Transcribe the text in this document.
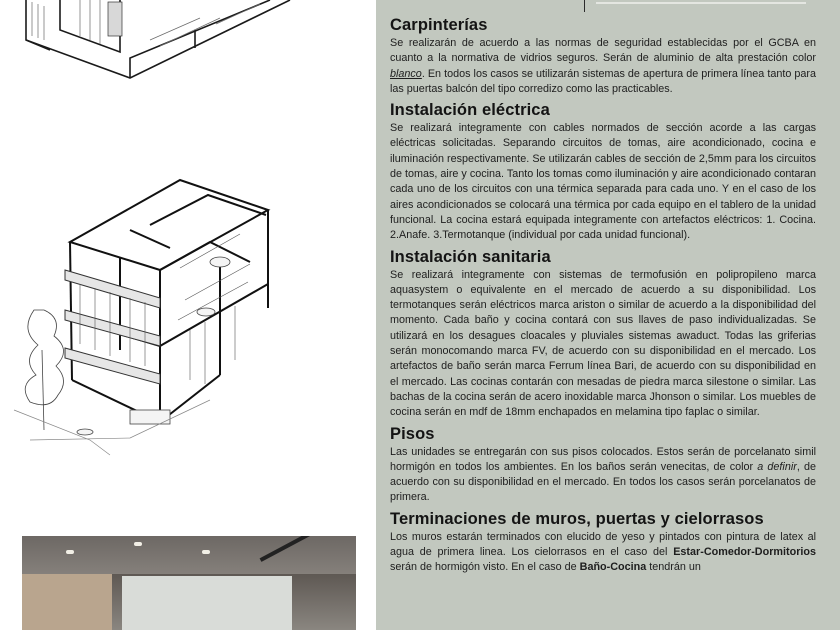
Carpinterías

Se realizarán de acuerdo a las normas de seguridad establecidas por el GCBA en cuanto a la normativa de vidrios seguros. Serán de aluminio de alta prestación color blanco. En todos los casos se utilizarán sistemas de apertura de primera línea tanto para las puertas balcón del tipo corredizo como las practicables.

Instalación eléctrica

Se realizará integramente con cables normados de sección acorde a las cargas eléctricas solicitadas. Separando circuitos de tomas, aire acondicionado, cocina e iluminación respectivamente. Se utilizarán cables de sección de 2,5mm para los circuitos de tomas, aire y cocina. Tanto los tomas como iluminación y aire acondicionado contaran cada uno de los circuitos con una térmica separada para cada uno. Y en el caso de los aires acondicionados se colocará una térmica por cada equipo en el tablero de la unidad funcional. La cocina estará equipada integramente con artefactos eléctricos: 1. Cocina. 2.Anafe. 3.Termotanque (individual por cada unidad funcional).

Instalación sanitaria

Se realizará integramente con sistemas de termofusión en polipropileno marca aquasystem o equivalente en el mercado de acuerdo a su disponibilidad. Los termotanques serán eléctricos marca ariston o similar de acuerdo a la disponibilidad del momento. Cada baño y cocina contará con sus llaves de paso individualizadas. Se utilizará en los desagues cloacales y pluviales sistemas awaduct. Todas las griferias serán monocomando marca FV, de acuerdo con su disponibilidad en el mercado. Los artefactos de baño serán marca Ferrum línea Bari, de acuerdo con su disponibilidad en el mercado. Las cocinas contarán con mesadas de piedra marca silestone o similar. Las bachas de la cocina serán de acero inoxidable marca Jhonson o similar. Los muebles de cocina serán en mdf de 18mm enchapados en melamina tipo faplac o similar.

Pisos

Las unidades se entregarán con sus pisos colocados. Estos serán de porcelanato simil hormigón en todos los ambientes. En los baños serán venecitas, de color a definir, de acuerdo con su disponibilidad en el mercado. En todos los casos serán porcelanatos de primera.

Terminaciones de muros, puertas y cielorrasos

Los muros estarán terminados con elucido de yeso y pintados con pintura de latex al agua de primera linea. Los cielorrasos en el caso del Estar-Comedor-Dormitorios serán de hormigón visto. En el caso de Baño-Cocina tendrán un
